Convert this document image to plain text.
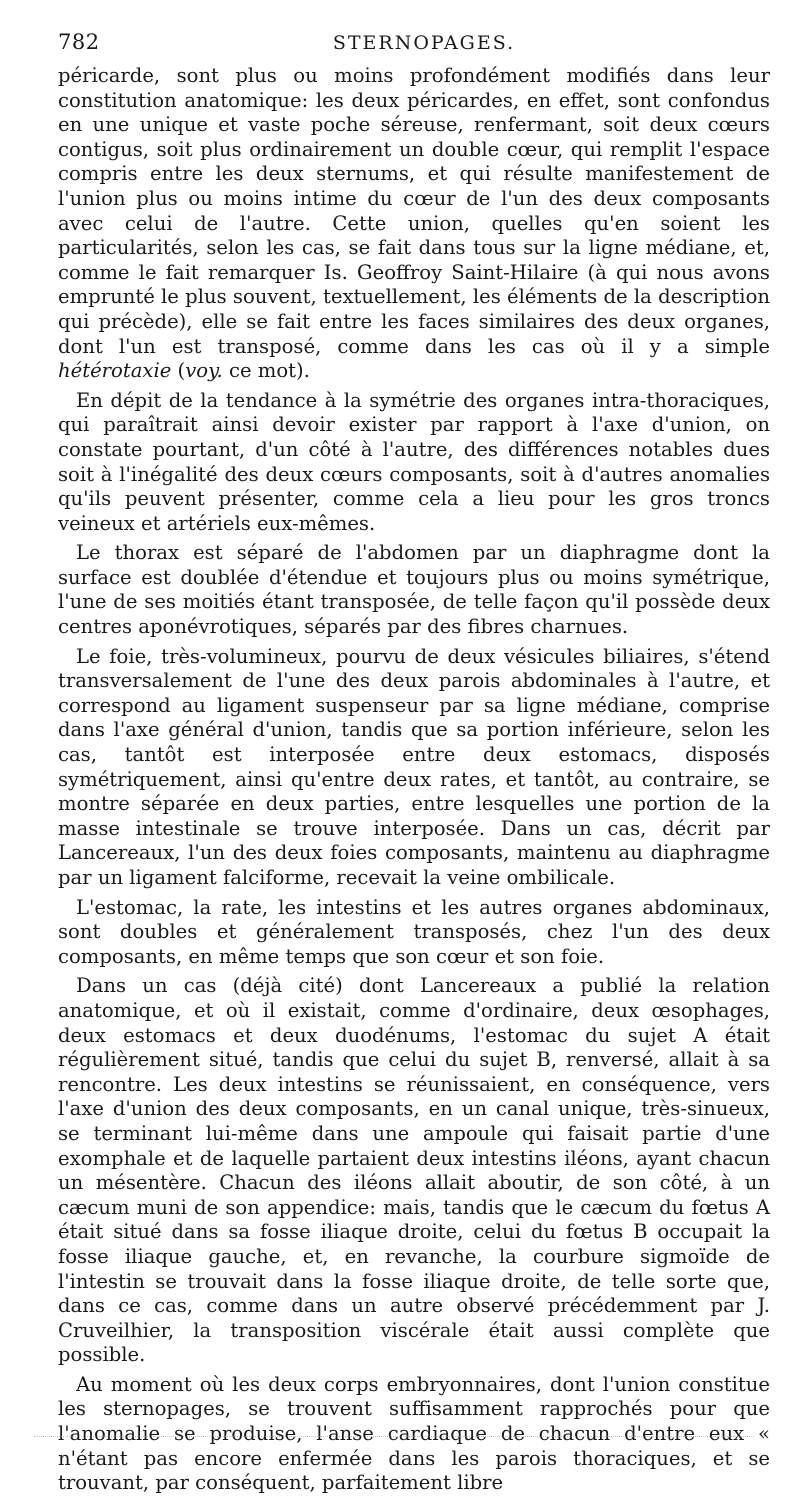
782	STERNOPAGES.

péricarde, sont plus ou moins profondément modifiés dans leur constitution anatomique: les deux péricardes, en effet, sont confondus en une unique et vaste poche séreuse, renfermant, soit deux cœurs contigus, soit plus ordinairement un double cœur, qui remplit l'espace compris entre les deux sternums, et qui résulte manifestement de l'union plus ou moins intime du cœur de l'un des deux composants avec celui de l'autre. Cette union, quelles qu'en soient les particularités, selon les cas, se fait dans tous sur la ligne médiane, et, comme le fait remarquer Is. Geoffroy Saint-Hilaire (à qui nous avons emprunté le plus souvent, textuellement, les éléments de la description qui précède), elle se fait entre les faces similaires des deux organes, dont l'un est transposé, comme dans les cas où il y a simple hétérotaxie (voy. ce mot).

En dépit de la tendance à la symétrie des organes intra-thoraciques, qui paraîtrait ainsi devoir exister par rapport à l'axe d'union, on constate pourtant, d'un côté à l'autre, des différences notables dues soit à l'inégalité des deux cœurs composants, soit à d'autres anomalies qu'ils peuvent présenter, comme cela a lieu pour les gros troncs veineux et artériels eux-mêmes.

Le thorax est séparé de l'abdomen par un diaphragme dont la surface est doublée d'étendue et toujours plus ou moins symétrique, l'une de ses moitiés étant transposée, de telle façon qu'il possède deux centres aponévrotiques, séparés par des fibres charnues.

Le foie, très-volumineux, pourvu de deux vésicules biliaires, s'étend transversalement de l'une des deux parois abdominales à l'autre, et correspond au ligament suspenseur par sa ligne médiane, comprise dans l'axe général d'union, tandis que sa portion inférieure, selon les cas, tantôt est interposée entre deux estomacs, disposés symétriquement, ainsi qu'entre deux rates, et tantôt, au contraire, se montre séparée en deux parties, entre lesquelles une portion de la masse intestinale se trouve interposée. Dans un cas, décrit par Lancereaux, l'un des deux foies composants, maintenu au diaphragme par un ligament falciforme, recevait la veine ombilicale.

L'estomac, la rate, les intestins et les autres organes abdominaux, sont doubles et généralement transposés, chez l'un des deux composants, en même temps que son cœur et son foie.

Dans un cas (déjà cité) dont Lancereaux a publié la relation anatomique, et où il existait, comme d'ordinaire, deux œsophages, deux estomacs et deux duodénums, l'estomac du sujet A était régulièrement situé, tandis que celui du sujet B, renversé, allait à sa rencontre. Les deux intestins se réunissaient, en conséquence, vers l'axe d'union des deux composants, en un canal unique, très-sinueux, se terminant lui-même dans une ampoule qui faisait partie d'une exomphale et de laquelle partaient deux intestins iléons, ayant chacun un mésentère. Chacun des iléons allait aboutir, de son côté, à un cæcum muni de son appendice: mais, tandis que le cæcum du fœtus A était situé dans sa fosse iliaque droite, celui du fœtus B occupait la fosse iliaque gauche, et, en revanche, la courbure sigmoïde de l'intestin se trouvait dans la fosse iliaque droite, de telle sorte que, dans ce cas, comme dans un autre observé précédemment par J. Cruveilhier, la transposition viscérale était aussi complète que possible.

Au moment où les deux corps embryonnaires, dont l'union constitue les sternopages, se trouvent suffisamment rapprochés pour que l'anomalie se produise, l'anse cardiaque de chacun d'entre eux « n'étant pas encore enfermée dans les parois thoraciques, et se trouvant, par conséquent, parfaitement libre
